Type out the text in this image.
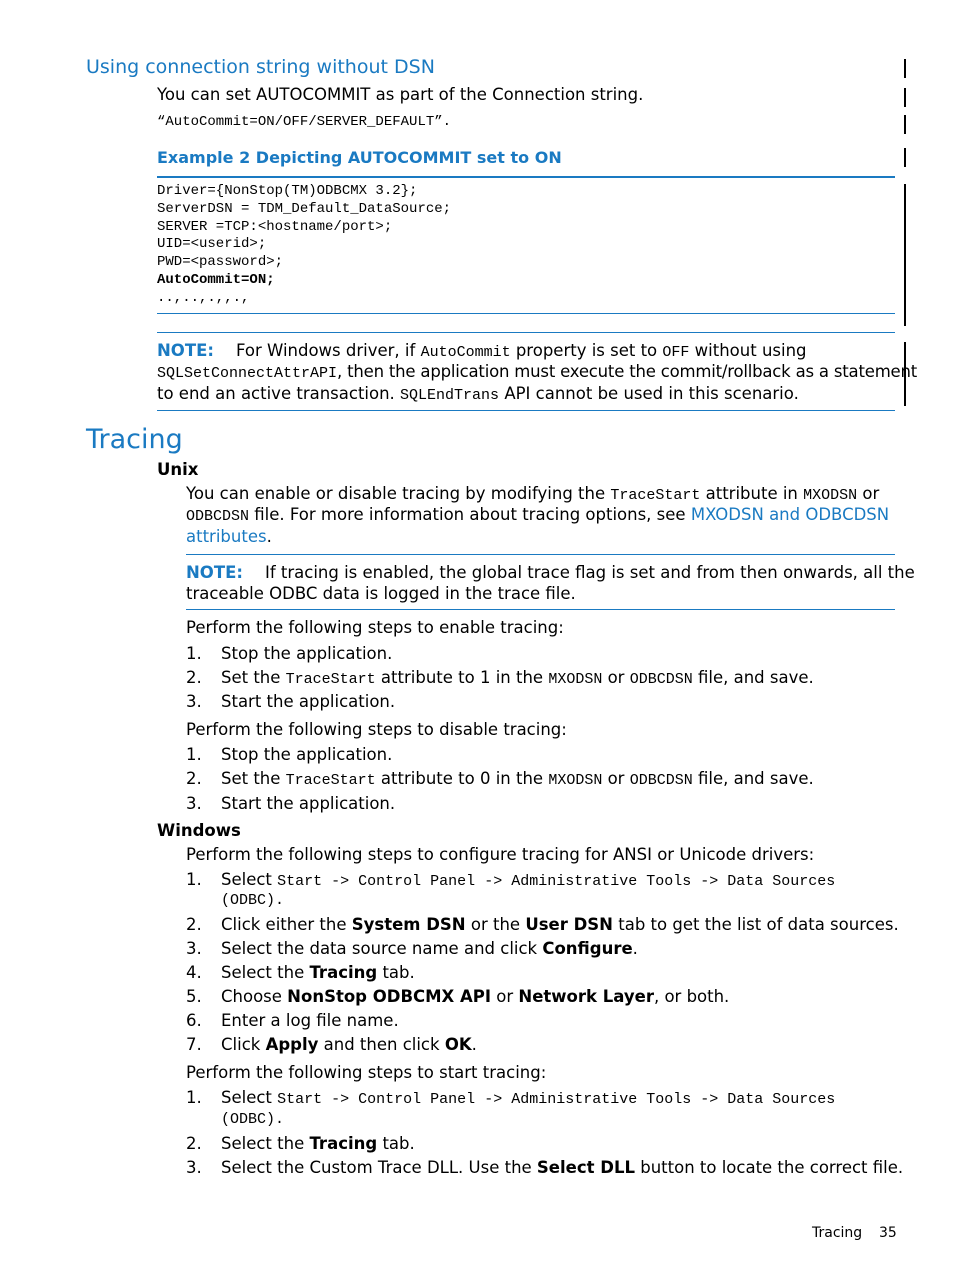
Using connection string without DSN
You can set AUTOCOMMIT as part of the Connection string.
“AutoCommit=ON/OFF/SERVER_DEFAULT”.
Example 2 Depicting AUTOCOMMIT set to ON
Driver={NonStop(TM)ODBCMX 3.2};
ServerDSN = TDM_Default_DataSource;
SERVER =TCP:<hostname/port>;
UID=<userid>;
PWD=<password>;
AutoCommit=ON;
..,..,.,,.,
NOTE: For Windows driver, if AutoCommit property is set to OFF without using
SQLSetConnectAttrAPI, then the application must execute the commit/rollback as a statement
to end an active transaction. SQLEndTrans API cannot be used in this scenario.
Tracing
Unix
You can enable or disable tracing by modifying the TraceStart attribute in MXODSN or
ODBCDSN file. For more information about tracing options, see MXODSN and ODBCDSN
attributes.
NOTE: If tracing is enabled, the global trace flag is set and from then onwards, all the
traceable ODBC data is logged in the trace file.
Perform the following steps to enable tracing:
1. Stop the application.
2. Set the TraceStart attribute to 1 in the MXODSN or ODBCDSN file, and save.
3. Start the application.
Perform the following steps to disable tracing:
1. Stop the application.
2. Set the TraceStart attribute to 0 in the MXODSN or ODBCDSN file, and save.
3. Start the application.
Windows
Perform the following steps to configure tracing for ANSI or Unicode drivers:
1. Select Start -> Control Panel -> Administrative Tools -> Data Sources
(ODBC).
2. Click either the System DSN or the User DSN tab to get the list of data sources.
3. Select the data source name and click Configure.
4. Select the Tracing tab.
5. Choose NonStop ODBCMX API or Network Layer, or both.
6. Enter a log file name.
7. Click Apply and then click OK.
Perform the following steps to start tracing:
1. Select Start -> Control Panel -> Administrative Tools -> Data Sources
(ODBC).
2. Select the Tracing tab.
3. Select the Custom Trace DLL. Use the Select DLL button to locate the correct file.
Tracing 35
